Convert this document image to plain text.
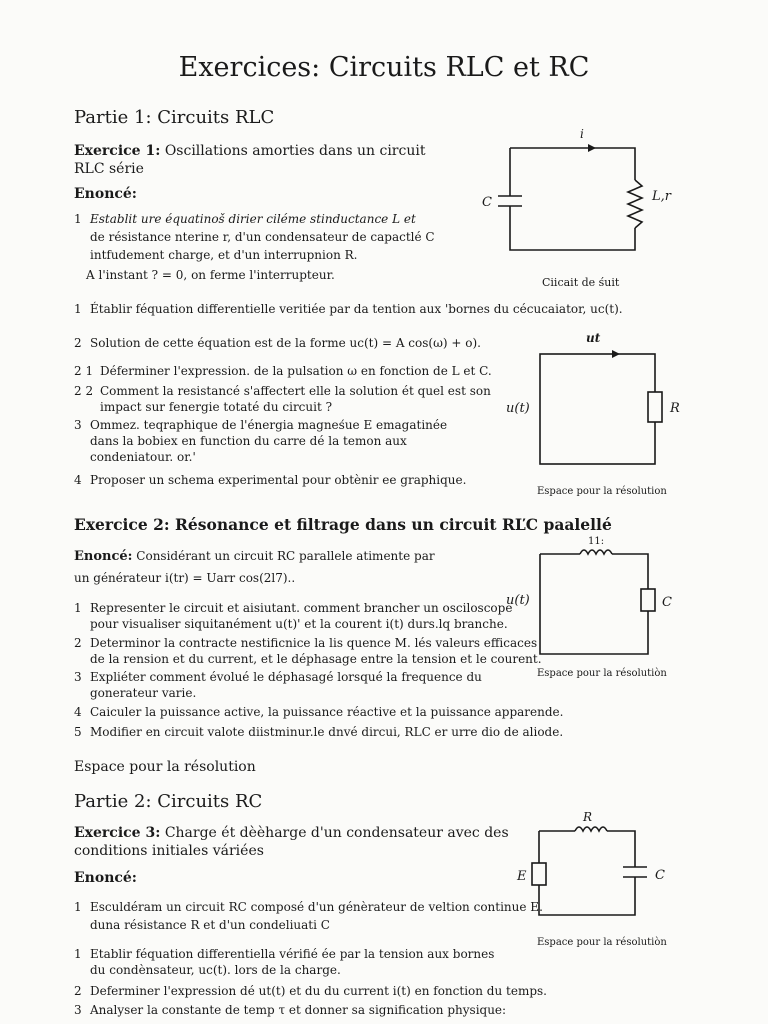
Exercices: Circuits RLC et RC
Partie 1: Circuits RLC
Exercice 1: Oscillations amorties dans un circuit
RLC série
Enoncé:
1 Establit ure équatinoš dirier ciléme stinductance L et
de résistance nterine r, d'un condensateur de capactlé C
intfudement charge, et d'un interrupnion R.
A l'instant ? = 0, on ferme l'interrupteur.
1 Établir féquation differentielle veritiée par da tention aux 'bornes du cécucaiator, uc(t).
2 Solution de cette équation est de la forme uc(t) = A cos(ω) + o).
2 1 Déferminer l'expression. de la pulsation ω en fonction de L et C.
2 2 Comment la resistancé s'affectert elle la solution ét quel est son
impact sur fenergie totaté du circuit ?
3 Ommez. teqraphique de l'énergia magneśue E emagatinée
dans la bobiex en function du carre dé la temon aux
condeniatour. or.'
4 Proposer un schema experimental pour obtènir ee graphique.
i
C	L,r
Ciicait de śuit
ut
u(t)	R
Espace pour la résolution
Exercice 2: Résonance et filtrage dans un circuit RĽC paalellé
Enoncé: Considérant un circuit RC parallele atimente par
un générateur i(tr) = Uarr cos(2l7)..
1 Representer le circuit et aisiutant. comment brancher un osciloscope
pour visualiser siquitanément u(t)' et la courent i(t) durs.lq branche.
2 Determinor la contracte nestificnice la lis quence M. lés valeurs efficaces
de la rension et du current, et le déphasage entre la tension et le courent.
3 Expliéter comment évolué le déphasagé lorsqué la frequence du
gonerateur varie.
4 Caiculer la puissance active, la puissance réactive et la puissance apparende.
5 Modifier en circuit valote diistminur.le dnvé dircui, RLC er urre dio de aliode.
Espace pour la résolution
11:
u(t)	C
Espace pour la résolutiòn
Partie 2: Circuits RC
Exercice 3: Charge ét dèèharge d'un condensateur avec des
conditions initiales váriées
Enoncé:
1 Esculdéram un circuit RC composé d'un génèrateur de veltion continue E.
duna résistance R et d'un condeliuati C
1 Etablir féquation differentiella vérifié ée par la tension aux bornes
du condènsateur, uc(t). lors de la charge.
2 Deferminer l'expression dé ut(t) et du du current i(t) en fonction du temps.
3 Analyser la constante de temp τ et donner sa signification physique:
R
E	C
Espace pour la résolutiòn
